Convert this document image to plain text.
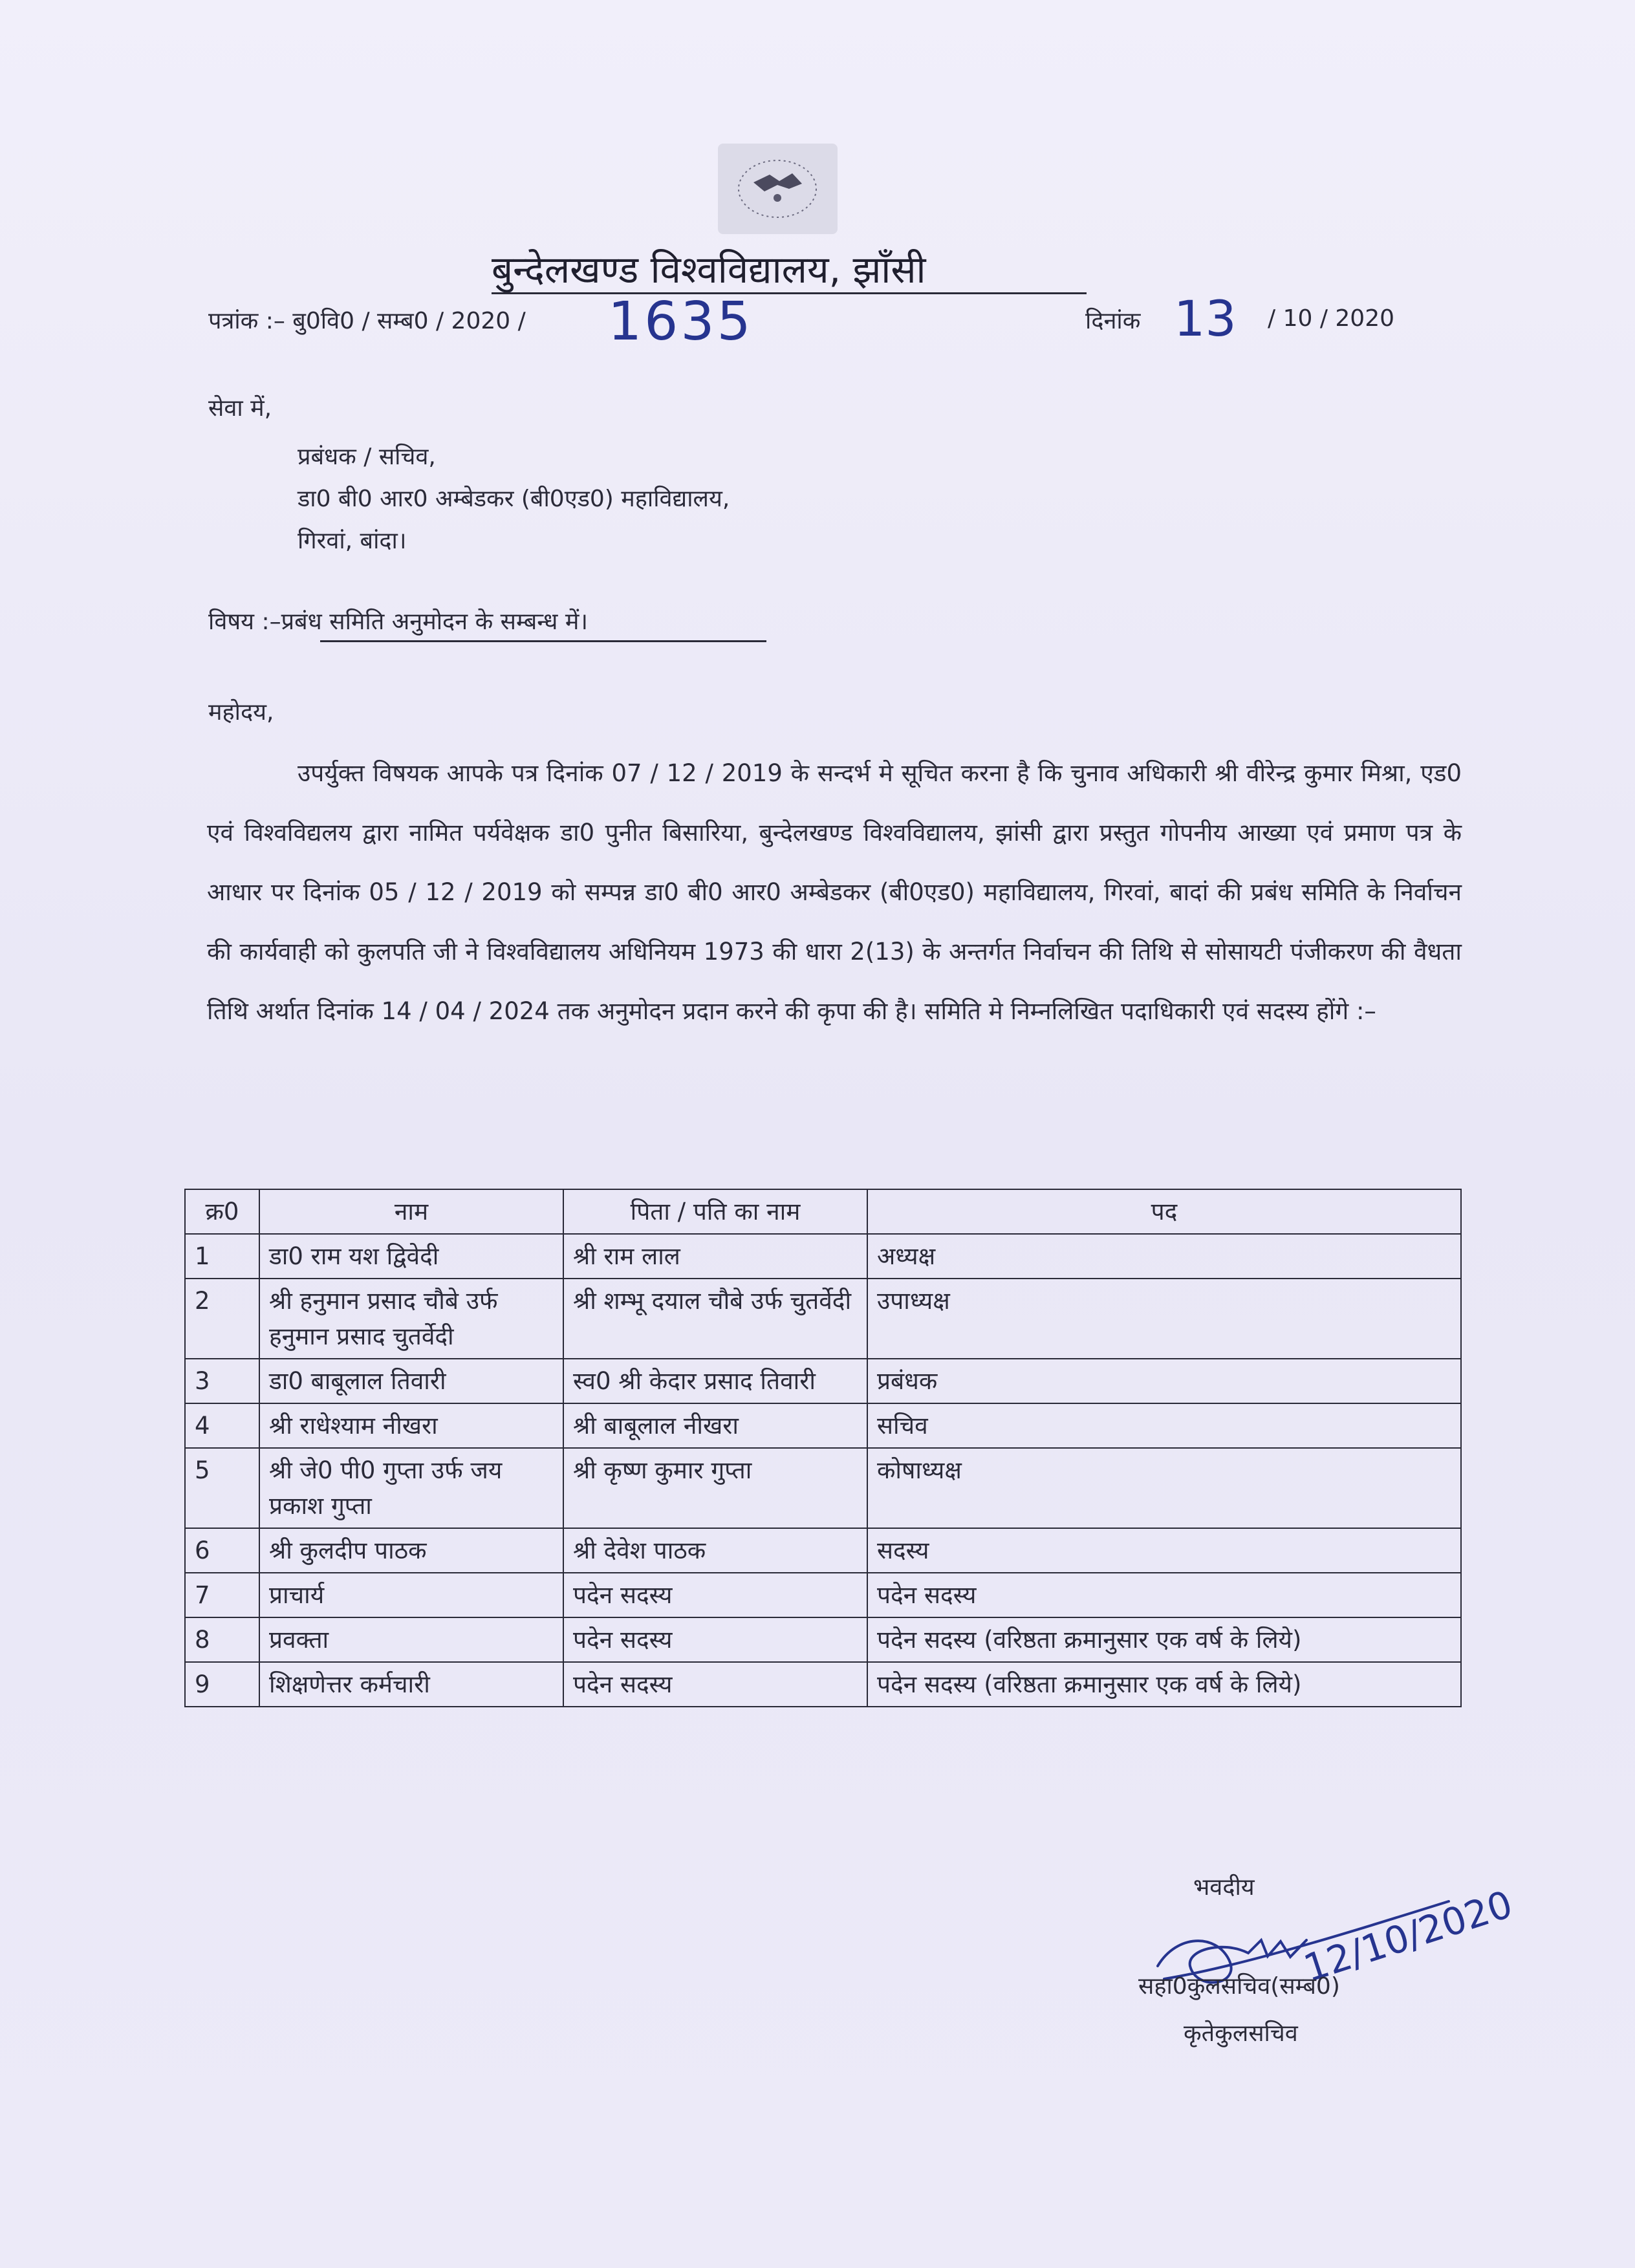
बुन्देलखण्ड विश्वविद्यालय, झाँसी
पत्रांक :– बु0वि0 / सम्ब0 / 2020 / 1635	दिनांक 13 / 10 / 2020
सेवा में,
प्रबंधक / सचिव,
डा0 बी0 आर0 अम्बेडकर (बी0एड0) महाविद्यालय,
गिरवां, बांदा।
विषय :–प्रबंध समिति अनुमोदन के सम्बन्ध में।
महोदय,
उपर्युक्त विषयक आपके पत्र दिनांक 07 / 12 / 2019 के सन्दर्भ मे सूचित करना है कि चुनाव अधिकारी श्री वीरेन्द्र कुमार मिश्रा, एड0 एवं विश्वविद्यलय द्वारा नामित पर्यवेक्षक डा0 पुनीत बिसारिया, बुन्देलखण्ड विश्वविद्यालय, झांसी द्वारा प्रस्तुत गोपनीय आख्या एवं प्रमाण पत्र के आधार पर दिनांक 05 / 12 / 2019 को सम्पन्न डा0 बी0 आर0 अम्बेडकर (बी0एड0) महाविद्यालय, गिरवां, बादां की प्रबंध समिति के निर्वाचन की कार्यवाही को कुलपति जी ने विश्वविद्यालय अधिनियम 1973 की धारा 2(13) के अन्तर्गत निर्वाचन की तिथि से सोसायटी पंजीकरण की वैधता तिथि अर्थात दिनांक 14 / 04 / 2024 तक अनुमोदन प्रदान करने की कृपा की है। समिति मे निम्नलिखित पदाधिकारी एवं सदस्य होंगे :–
क्र0	नाम	पिता / पति का नाम	पद
1	डा0 राम यश द्विवेदी	श्री राम लाल	अध्यक्ष
2	श्री हनुमान प्रसाद चौबे उर्फ हनुमान प्रसाद चुतर्वेदी	श्री शम्भू दयाल चौबे उर्फ चुतर्वेदी	उपाध्यक्ष
3	डा0 बाबूलाल तिवारी	स्व0 श्री केदार प्रसाद तिवारी	प्रबंधक
4	श्री राधेश्याम नीखरा	श्री बाबूलाल नीखरा	सचिव
5	श्री जे0 पी0 गुप्ता उर्फ जय प्रकाश गुप्ता	श्री कृष्ण कुमार गुप्ता	कोषाध्यक्ष
6	श्री कुलदीप पाठक	श्री देवेश पाठक	सदस्य
7	प्राचार्य	पदेन सदस्य	पदेन सदस्य
8	प्रवक्ता	पदेन सदस्य	पदेन सदस्य (वरिष्ठता क्रमानुसार एक वर्ष के लिये)
9	शिक्षणेत्तर कर्मचारी	पदेन सदस्य	पदेन सदस्य (वरिष्ठता क्रमानुसार एक वर्ष के लिये)
भवदीय 12/10/2020
सहा0कुलसचिव(सम्ब0)
कृतेकुलसचिव
